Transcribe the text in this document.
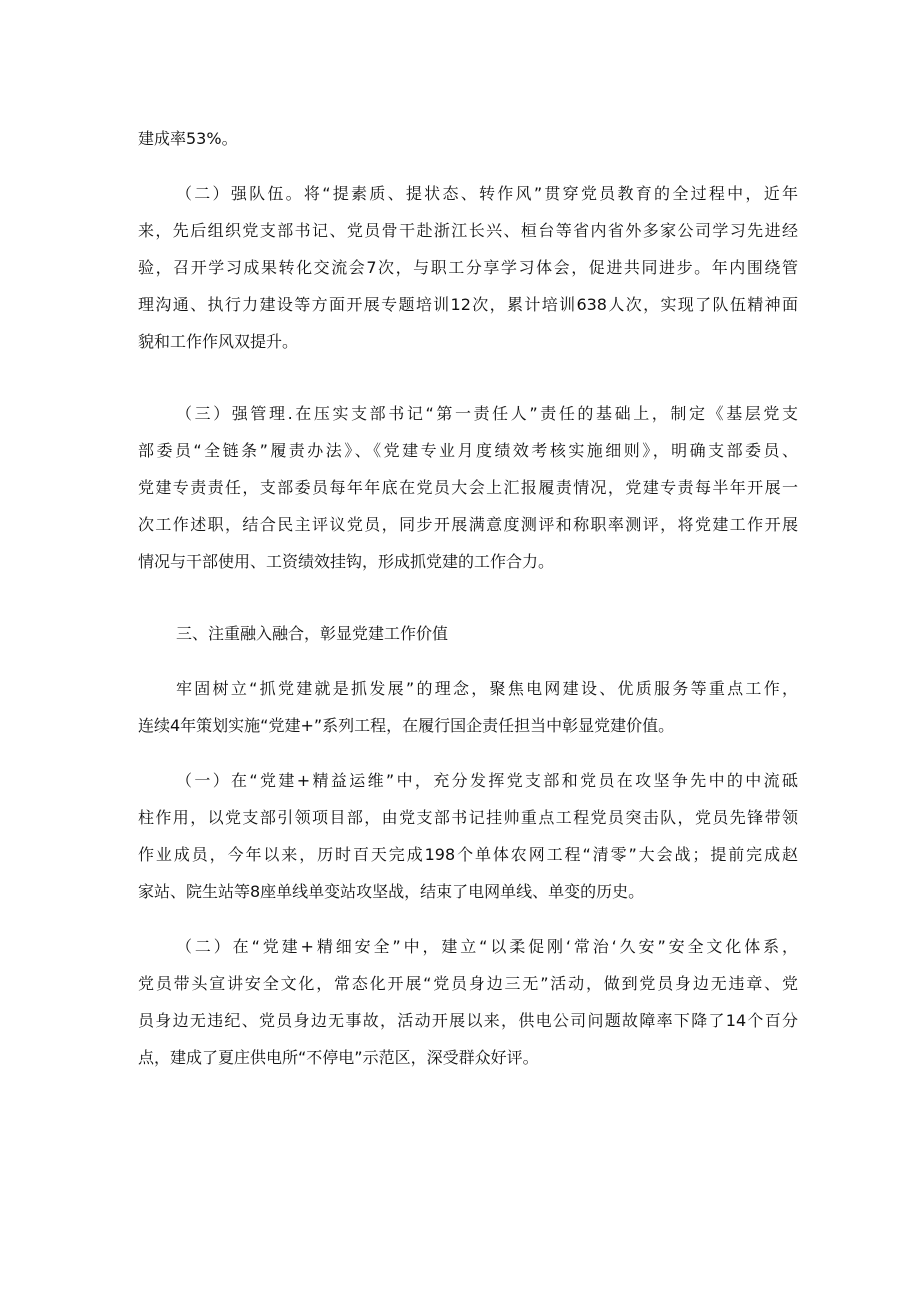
建成率53%。
（二）强队伍。将“提素质、提状态、转作风”贯穿党员教育的全过程中，近年
来，先后组织党支部书记、党员骨干赴浙江长兴、桓台等省内省外多家公司学习先进经
验，召开学习成果转化交流会7次，与职工分享学习体会，促进共同进步。年内围绕管
理沟通、执行力建设等方面开展专题培训12次，累计培训638人次，实现了队伍精神面
貌和工作作风双提升。
（三）强管理.在压实支部书记“第一责任人”责任的基础上，制定《基层党支
部委员“全链条”履责办法》、《党建专业月度绩效考核实施细则》，明确支部委员、
党建专责责任，支部委员每年年底在党员大会上汇报履责情况，党建专责每半年开展一
次工作述职，结合民主评议党员，同步开展满意度测评和称职率测评，将党建工作开展
情况与干部使用、工资绩效挂钩，形成抓党建的工作合力。
三、注重融入融合，彰显党建工作价值
牢固树立“抓党建就是抓发展”的理念，聚焦电网建设、优质服务等重点工作，
连续4年策划实施“党建+”系列工程，在履行国企责任担当中彰显党建价值。
（一）在“党建+精益运维”中，充分发挥党支部和党员在攻坚争先中的中流砥
柱作用，以党支部引领项目部，由党支部书记挂帅重点工程党员突击队，党员先锋带领
作业成员，今年以来，历时百天完成198个单体农网工程“清零”大会战；提前完成赵
家站、院生站等8座单线单变站攻坚战，结束了电网单线、单变的历史。
（二）在“党建+精细安全”中，建立“以柔促刚‘常治‘久安”安全文化体系，
党员带头宣讲安全文化，常态化开展“党员身边三无”活动，做到党员身边无违章、党
员身边无违纪、党员身边无事故，活动开展以来，供电公司问题故障率下降了14个百分
点，建成了夏庄供电所“不停电”示范区，深受群众好评。
